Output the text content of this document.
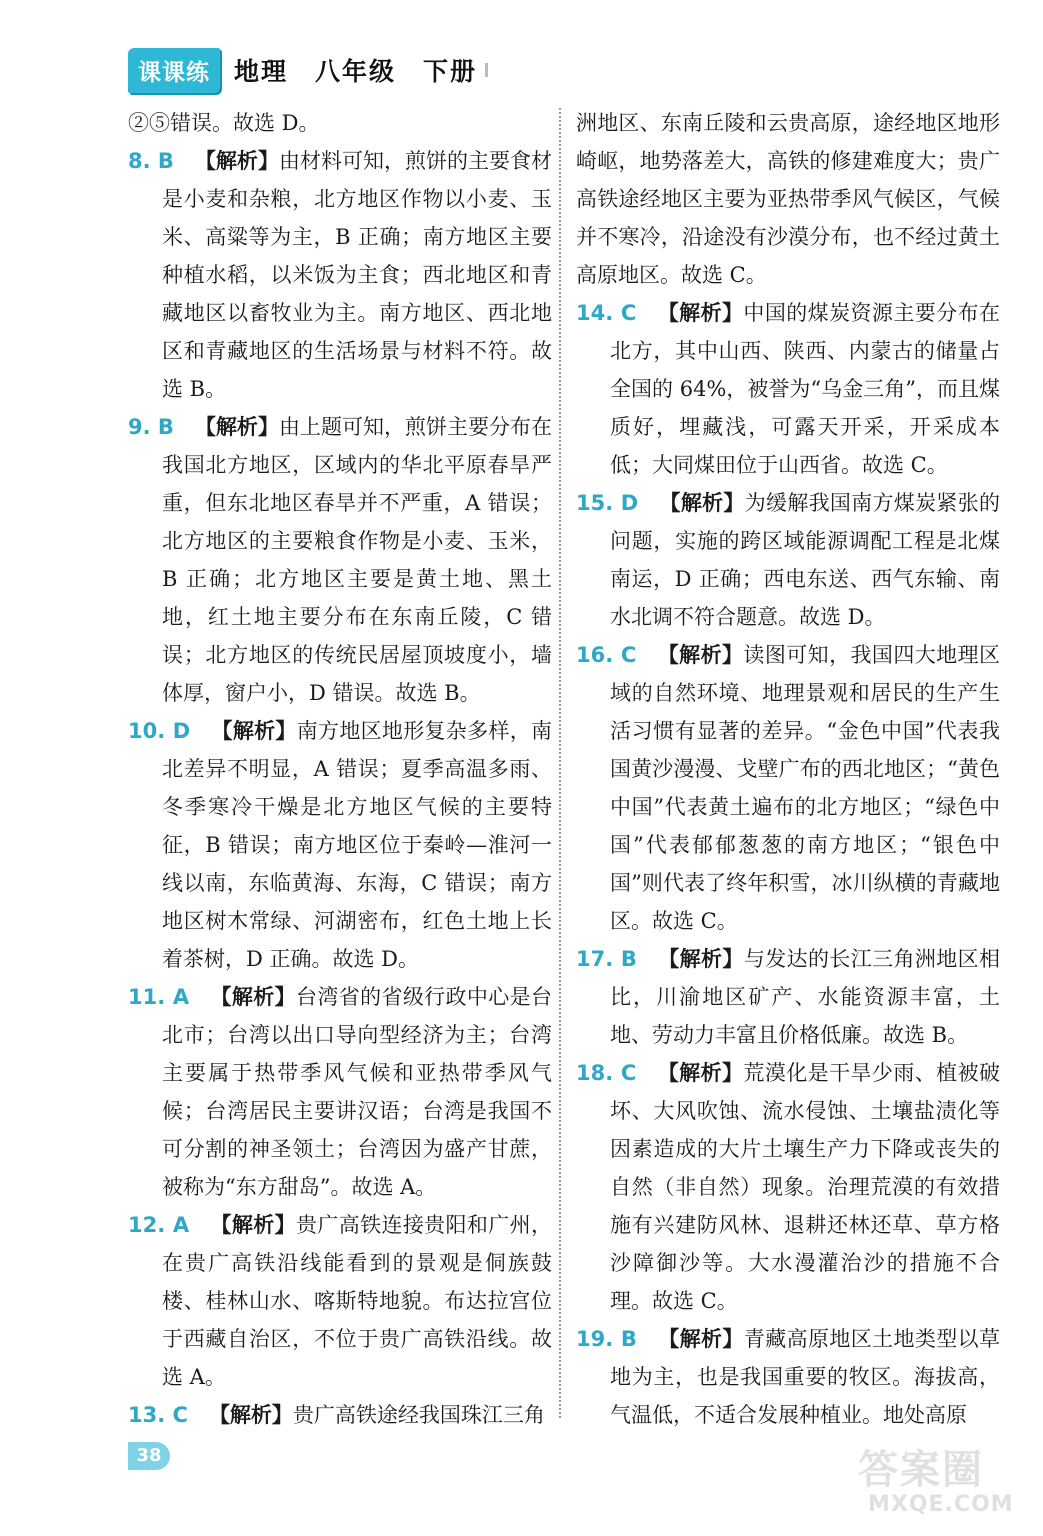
课课练 地理　八年级　下册

②⑤错误。故选 D。

8. B  【解析】由材料可知，煎饼的主要食材是小麦和杂粮，北方地区作物以小麦、玉米、高粱等为主，B 正确；南方地区主要种植水稻，以米饭为主食；西北地区和青藏地区以畜牧业为主。南方地区、西北地区和青藏地区的生活场景与材料不符。故选 B。

9. B  【解析】由上题可知，煎饼主要分布在我国北方地区，区域内的华北平原春旱严重，但东北地区春旱并不严重，A 错误；北方地区的主要粮食作物是小麦、玉米，B 正确；北方地区主要是黄土地、黑土地，红土地主要分布在东南丘陵，C 错误；北方地区的传统民居屋顶坡度小，墙体厚，窗户小，D 错误。故选 B。

10. D  【解析】南方地区地形复杂多样，南北差异不明显，A 错误；夏季高温多雨、冬季寒冷干燥是北方地区气候的主要特征，B 错误；南方地区位于秦岭—淮河一线以南，东临黄海、东海，C 错误；南方地区树木常绿、河湖密布，红色土地上长着茶树，D 正确。故选 D。

11. A  【解析】台湾省的省级行政中心是台北市；台湾以出口导向型经济为主；台湾主要属于热带季风气候和亚热带季风气候；台湾居民主要讲汉语；台湾是我国不可分割的神圣领土；台湾因为盛产甘蔗，被称为“东方甜岛”。故选 A。

12. A  【解析】贵广高铁连接贵阳和广州，在贵广高铁沿线能看到的景观是侗族鼓楼、桂林山水、喀斯特地貌。布达拉宫位于西藏自治区，不位于贵广高铁沿线。故选 A。

13. C  【解析】贵广高铁途经我国珠江三角

洲地区、东南丘陵和云贵高原，途经地区地形崎岖，地势落差大，高铁的修建难度大；贵广高铁途经地区主要为亚热带季风气候区，气候并不寒冷，沿途没有沙漠分布，也不经过黄土高原地区。故选 C。

14. C  【解析】中国的煤炭资源主要分布在北方，其中山西、陕西、内蒙古的储量占全国的 64%，被誉为“乌金三角”，而且煤质好，埋藏浅，可露天开采，开采成本低；大同煤田位于山西省。故选 C。

15. D  【解析】为缓解我国南方煤炭紧张的问题，实施的跨区域能源调配工程是北煤南运，D 正确；西电东送、西气东输、南水北调不符合题意。故选 D。

16. C  【解析】读图可知，我国四大地理区域的自然环境、地理景观和居民的生产生活习惯有显著的差异。“金色中国”代表我国黄沙漫漫、戈壁广布的西北地区；“黄色中国”代表黄土遍布的北方地区；“绿色中国”代表郁郁葱葱的南方地区；“银色中国”则代表了终年积雪，冰川纵横的青藏地区。故选 C。

17. B  【解析】与发达的长江三角洲地区相比，川渝地区矿产、水能资源丰富，土地、劳动力丰富且价格低廉。故选 B。

18. C  【解析】荒漠化是干旱少雨、植被破坏、大风吹蚀、流水侵蚀、土壤盐渍化等因素造成的大片土壤生产力下降或丧失的自然（非自然）现象。治理荒漠的有效措施有兴建防风林、退耕还林还草、草方格沙障御沙等。大水漫灌治沙的措施不合理。故选 C。

19. B  【解析】青藏高原地区土地类型以草地为主，也是我国重要的牧区。海拔高，气温低，不适合发展种植业。地处高原

38	答案圈
MXQE.COM
